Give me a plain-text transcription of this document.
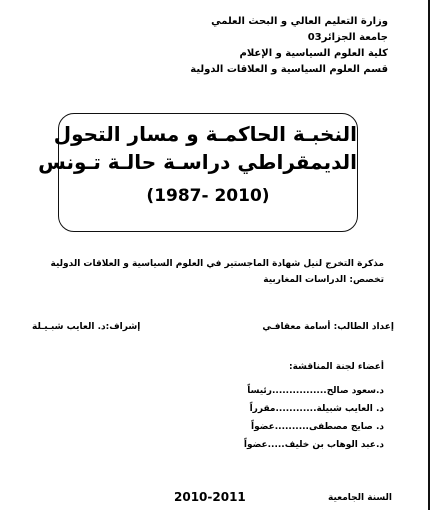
وزارة التعليم العالي و البحث العلمي
جامعة الجزائر03
كلية العلوم السياسية و الإعلام
قسم العلوم السياسية و العلاقات الدولية
النخبـة الحاكمـة و مسار التحول
الديمقراطي دراسـة حالـة تـونس
(1987- 2010)
مذكرة التخرج لنيل شهادة الماجستير في العلوم السياسية و العلاقات الدولية
تخصص: الدراسات المغاربية
إعداد الطالب: أسامة معقافـي
إشراف:د. العايب شبـيـلة
أعضاء لجنة المناقشة:
د.سعود صالح................رئيساً
د. العايب شبيلة............مقرراً
د. صايج مصطفى..........عضواً
د.عبد الوهاب بن خليف.....عضواً
السنة الجامعية
2010-2011
